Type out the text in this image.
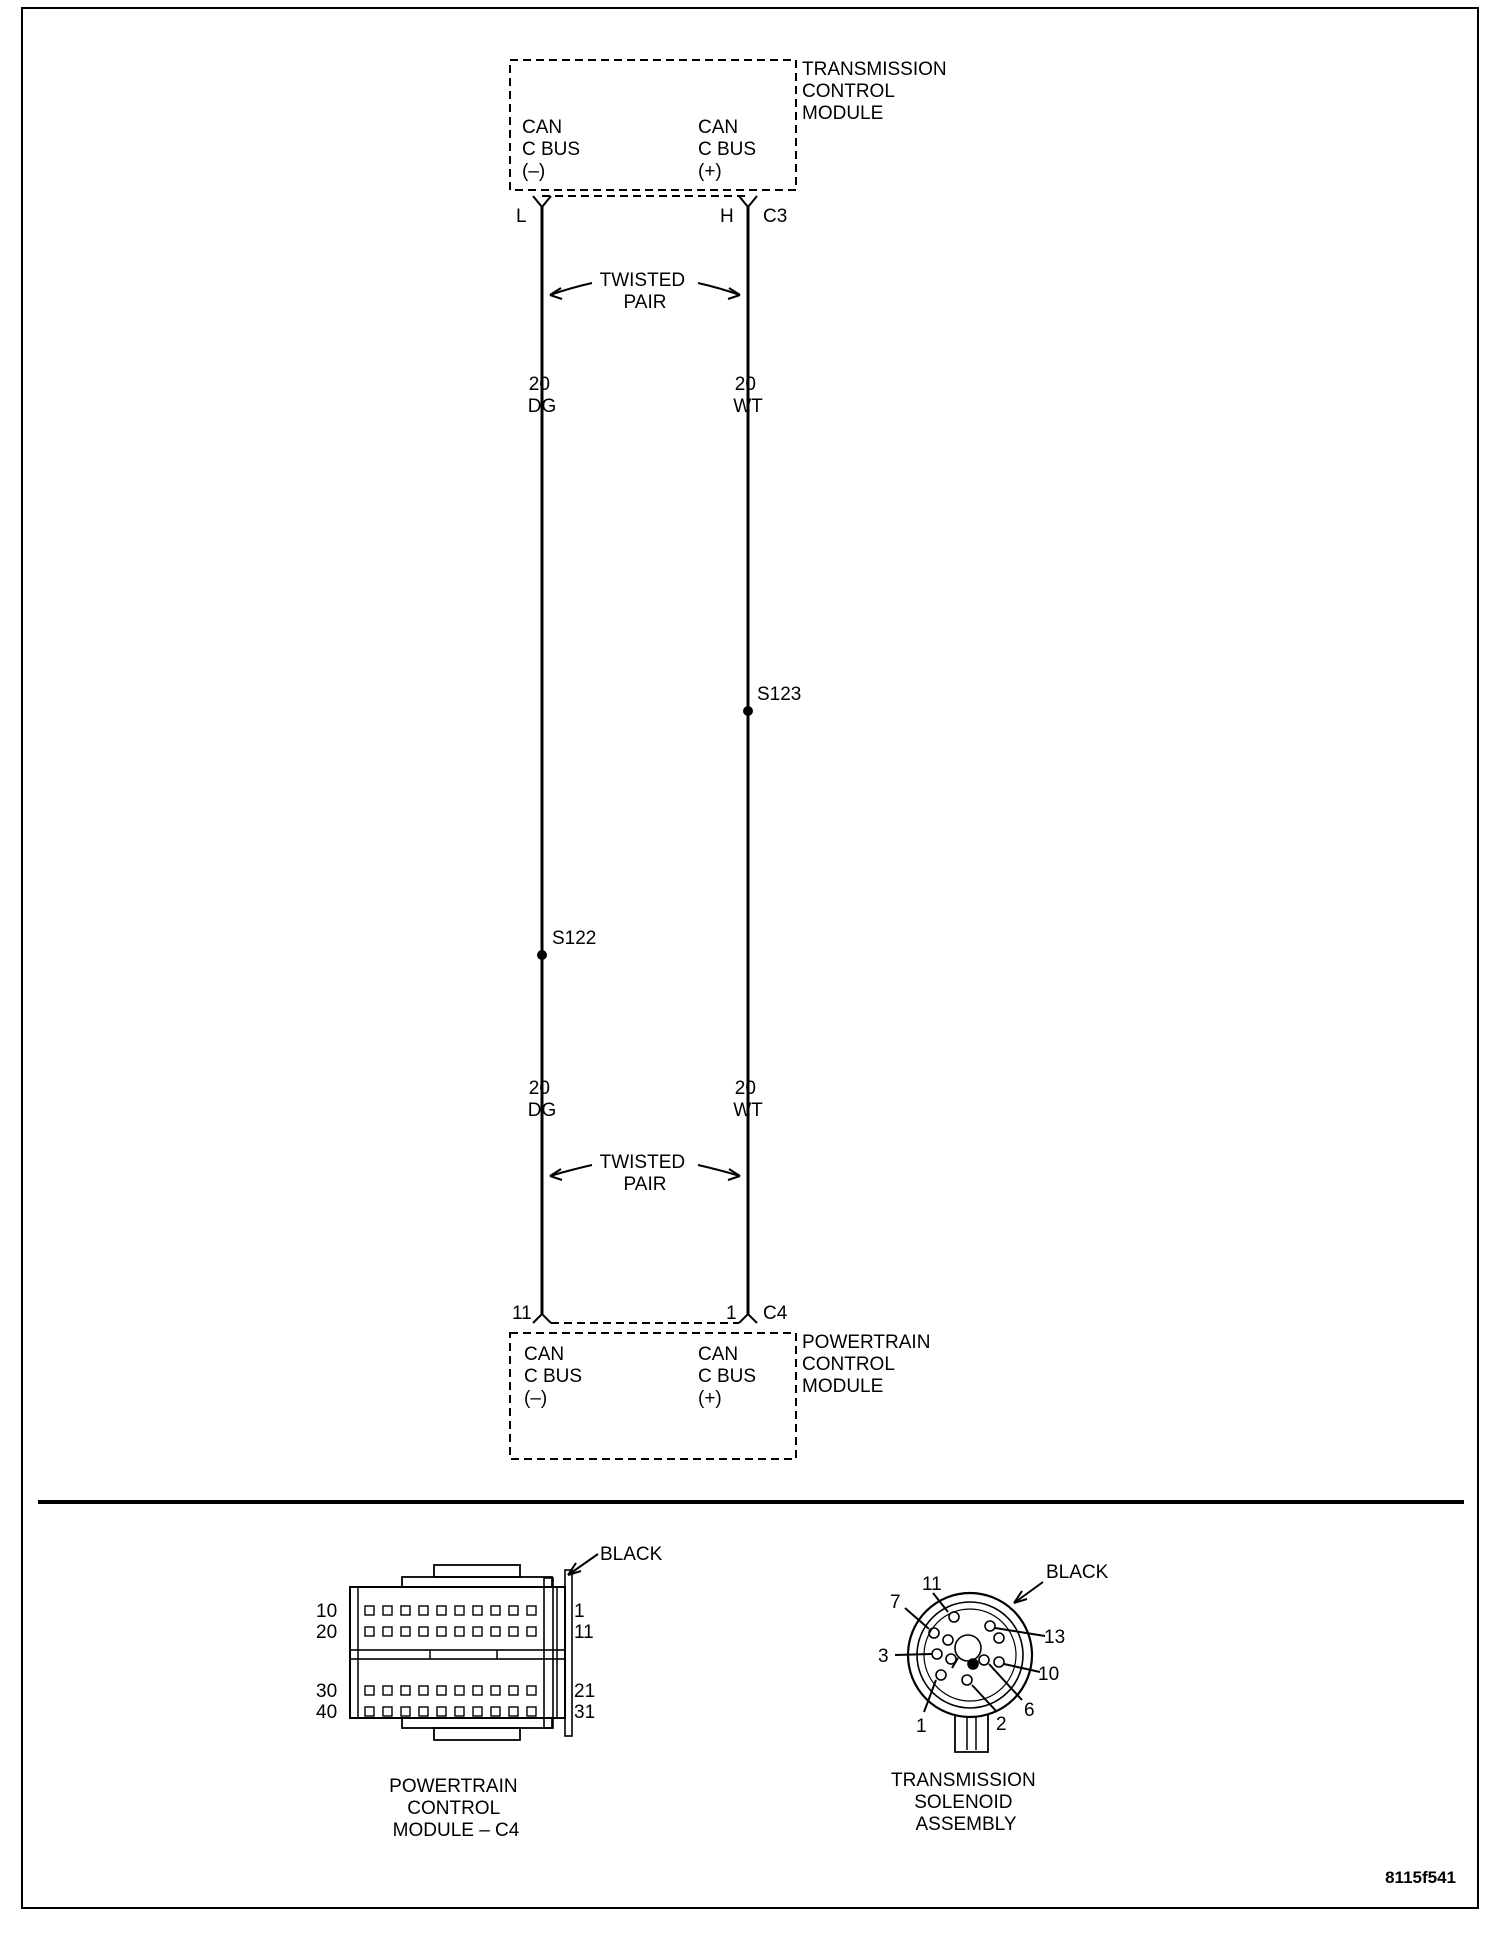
TRANSMISSION CONTROL MODULE
CAN C BUS (–)
CAN C BUS (+)
L	H C3
TWISTED PAIR
20 DG
20 WT
S123
S122
20 DG
20 WT
TWISTED PAIR
11	1 C4
POWERTRAIN CONTROL MODULE
CAN C BUS (–)
CAN C BUS (+)
BLACK
10
20
30
40
1
11
21
31
POWERTRAIN CONTROL MODULE – C4
11
7
3
1	2
6
10
13
BLACK
TRANSMISSION SOLENOID ASSEMBLY
8115f541
